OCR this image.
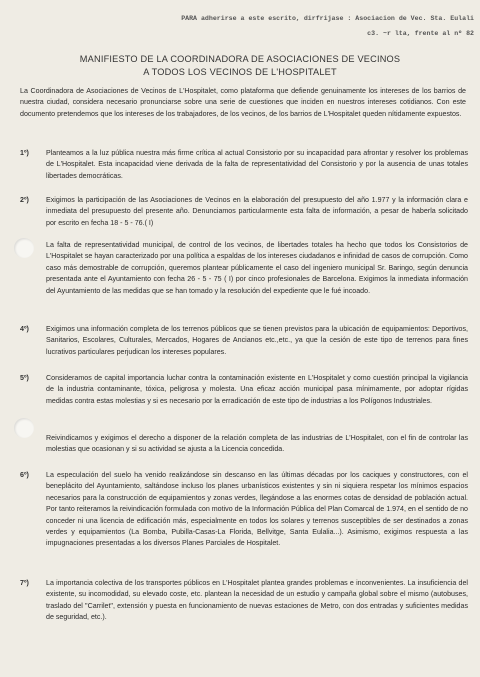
PARA adherirse a este escrito, dirfrijase : Asociacion de Vec. Sta. Eulali
c3. ~r lta, frente al nº 82
MANIFIESTO DE LA COORDINADORA DE ASOCIACIONES DE VECINOS
A TODOS LOS VECINOS DE L'HOSPITALET
La Coordinadora de Asociaciones de Vecinos de L'Hospitalet, como plataforma que defiende genuinamente los intereses de los barrios de nuestra ciudad, considera necesario pronunciarse sobre una serie de cuestiones que inciden en nuestros intereses cotidianos. Con este documento pretendemos que los intereses de los trabajadores, de los vecinos, de los barrios de L'Hospitalet queden nítidamente expuestos.
1º)	Planteamos a la luz pública nuestra más firme crítica al actual Consistorio por su incapacidad para afrontar y resolver los problemas de L'Hospitalet. Esta incapacidad viene derivada de la falta de representatividad del Consistorio y por la ausencia de unas totales libertades democráticas.
2º)	Exigimos la participación de las Asociaciones de Vecinos en la elaboración del presupuesto del año 1.977 y la información clara e inmediata del presupuesto del presente año. Denunciamos particularmente esta falta de información, a pesar de haberla solicitado por escrito en fecha 18 - 5 - 76.( I)
La falta de representatividad municipal, de control de los vecinos, de libertades totales ha hecho que todos los Consistorios de L'Hospitalet se hayan caracterizado por una política a espaldas de los intereses ciudadanos e infinidad de casos de corrupción. Como caso más demostrable de corrupción, queremos plantear públicamente el caso del ingeniero municipal Sr. Baringo, según denuncia presentada ante el Ayuntamiento con fecha 26 - 5 - 75 ( I) por cinco profesionales de Barcelona. Exigimos la inmediata información del Ayuntamiento de las medidas que se han tomado y la resolución del expediente que le fué incoado.
4º)	Exigimos una información completa de los terrenos públicos que se tienen previstos para la ubicación de equipamientos: Deportivos, Sanitarios, Escolares, Culturales, Mercados, Hogares de Ancianos etc.,etc., ya que la cesión de este tipo de terrenos para fines lucrativos particulares perjudican los intereses populares.
5º)	Consideramos de capital importancia luchar contra la contaminación existente en L'Hospitalet y como cuestión principal la vigilancia de la industria contaminante, tóxica, peligrosa y molesta. Una eficaz acción municipal pasa mínimamente, por adoptar rígidas medidas contra estas molestias y si es necesario por la erradicación de este tipo de industrias a los Polígonos Industriales.
Reivindicamos y exigimos el derecho a disponer de la relación completa de las industrias de L'Hospitalet, con el fin de controlar las molestias que ocasionan y si su actividad se ajusta a la Licencia concedida.
6º)	La especulación del suelo ha venido realizándose sin descanso en las últimas décadas por los caciques y constructores, con el beneplácito del Ayuntamiento, saltándose incluso los planes urbanísticos existentes y sin ni siquiera respetar los mínimos espacios necesarios para la construcción de equipamientos y zonas verdes, llegándose a las enormes cotas de densidad de población actual. Por tanto reiteramos la reivindicación formulada con motivo de la Información Pública del Plan Comarcal de 1.974, en el sentido de no conceder ni una licencia de edificación más, especialmente en todos los solares y terrenos susceptibles de ser destinados a zonas verdes y equipamientos (La Bomba, Pubilla-Casas-La Florida, Bellvitge, Santa Eulalia...). Asimismo, exigimos respuesta a las impugnaciones presentadas a los diversos Planes Parciales de Hospitalet.
7º)	La importancia colectiva de los transportes públicos en L'Hospitalet plantea grandes problemas e inconvenientes. La insuficiencia del existente, su incomodidad, su elevado coste, etc. plantean la necesidad de un estudio y campaña global sobre el mismo (autobuses, traslado del "Carrilet", extensión y puesta en funcionamiento de nuevas estaciones de Metro, con dos entradas y suficientes medidas de seguridad, etc.).
